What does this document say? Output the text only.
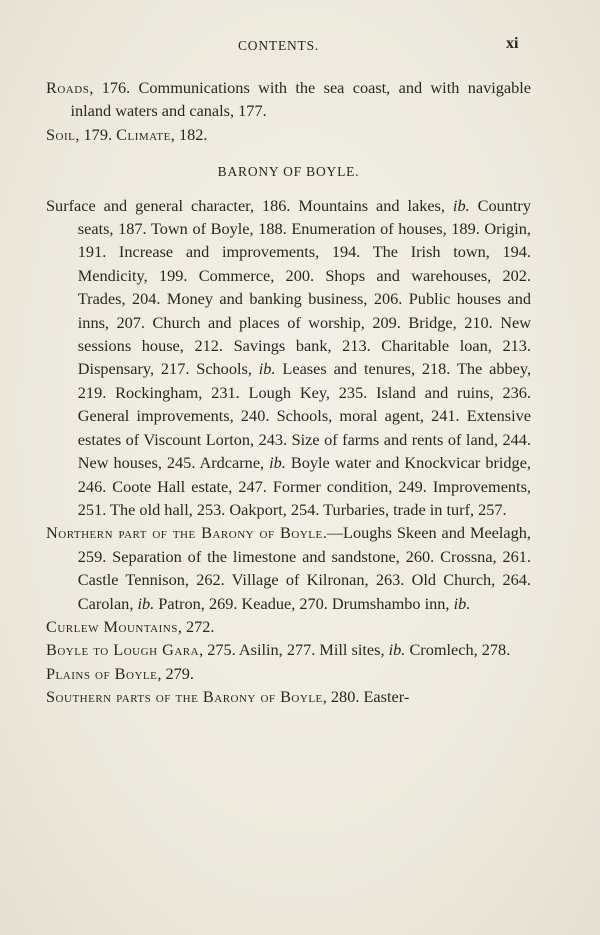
CONTENTS.	xi

Roads, 176. Communications with the sea coast, and with navigable inland waters and canals, 177.

Soil, 179. Climate, 182.

BARONY OF BOYLE.

Surface and general character, 186. Mountains and lakes, ib. Country seats, 187. Town of Boyle, 188. Enumeration of houses, 189. Origin, 191. Increase and improvements, 194. The Irish town, 194. Mendicity, 199. Commerce, 200. Shops and warehouses, 202. Trades, 204. Money and banking business, 206. Public houses and inns, 207. Church and places of worship, 209. Bridge, 210. New sessions house, 212. Savings bank, 213. Charitable loan, 213. Dispensary, 217. Schools, ib. Leases and tenures, 218. The abbey, 219. Rockingham, 231. Lough Key, 235. Island and ruins, 236. General improvements, 240. Schools, moral agent, 241. Extensive estates of Viscount Lorton, 243. Size of farms and rents of land, 244. New houses, 245. Ardcarne, ib. Boyle water and Knockvicar bridge, 246. Coote Hall estate, 247. Former condition, 249. Improvements, 251. The old hall, 253. Oakport, 254. Turbaries, trade in turf, 257.

Northern part of the Barony of Boyle.—Loughs Skeen and Meelagh, 259. Separation of the limestone and sandstone, 260. Crossna, 261. Castle Tennison, 262. Village of Kilronan, 263. Old Church, 264. Carolan, ib. Patron, 269. Keadue, 270. Drumshambo inn, ib.

Curlew Mountains, 272.

Boyle to Lough Gara, 275. Asilin, 277. Mill sites, ib. Cromlech, 278.

Plains of Boyle, 279.

Southern parts of the Barony of Boyle, 280. Easter-
